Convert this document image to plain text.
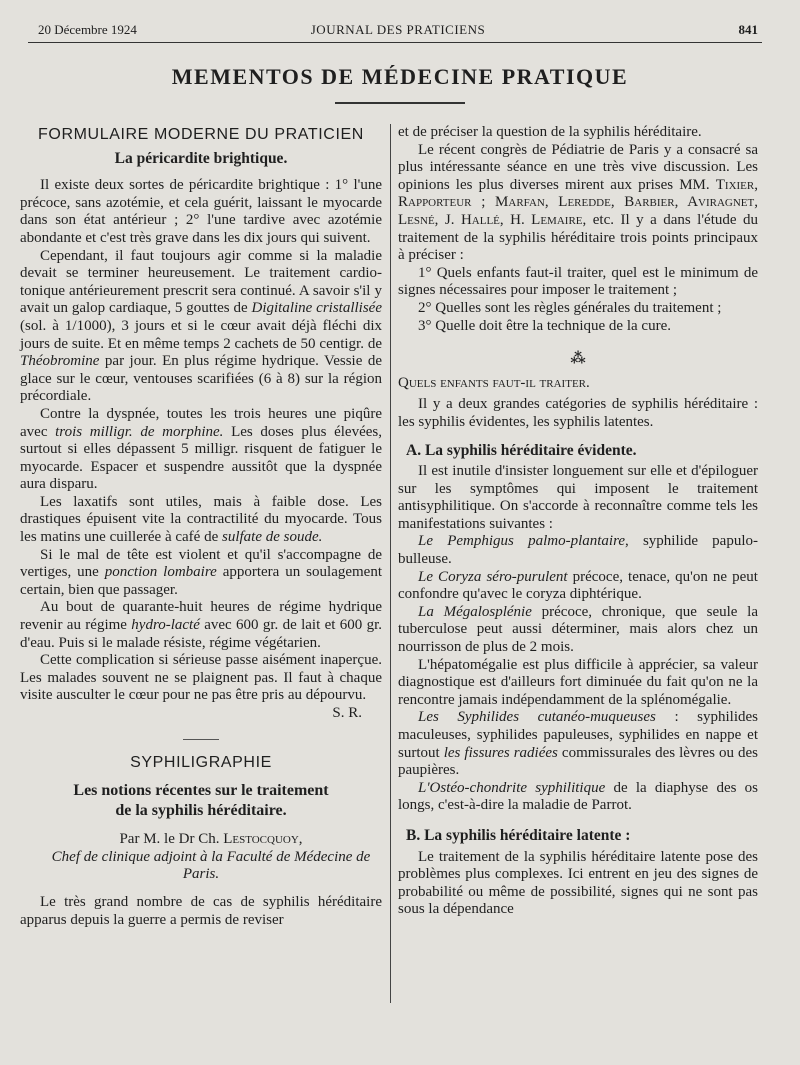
20 Décembre 1924	JOURNAL DES PRATICIENS	841
MEMENTOS DE MÉDECINE PRATIQUE
FORMULAIRE MODERNE DU PRATICIEN
La péricardite brightique.

Il existe deux sortes de péricardite brightique : 1° l'une précoce, sans azotémie, et cela guérit, laissant le myocarde dans son état antérieur ; 2° l'une tardive avec azotémie abondante et c'est très grave dans les dix jours qui suivent.

Cependant, il faut toujours agir comme si la maladie devait se terminer heureusement. Le traitement cardio-tonique antérieurement prescrit sera continué. A savoir s'il y avait un galop cardiaque, 5 gouttes de Digitaline cristallisée (sol. à 1/1000), 3 jours et si le cœur avait déjà fléchi dix jours de suite. Et en même temps 2 cachets de 50 centigr. de Théobromine par jour. En plus régime hydrique. Vessie de glace sur le cœur, ventouses scarifiées (6 à 8) sur la région précordiale.

Contre la dyspnée, toutes les trois heures une piqûre avec trois milligr. de morphine. Les doses plus élevées, surtout si elles dépassent 5 milligr. risquent de fatiguer le myocarde. Espacer et suspendre aussitôt que la dyspnée aura disparu.

Les laxatifs sont utiles, mais à faible dose. Les drastiques épuisent vite la contractilité du myocarde. Tous les matins une cuillerée à café de sulfate de soude.

Si le mal de tête est violent et qu'il s'accompagne de vertiges, une ponction lombaire apportera un soulagement certain, bien que passager.

Au bout de quarante-huit heures de régime hydrique revenir au régime hydro-lacté avec 600 gr. de lait et 600 gr. d'eau. Puis si le malade résiste, régime végétarien.

Cette complication si sérieuse passe aisément inaperçue. Les malades souvent ne se plaignent pas. Il faut à chaque visite ausculter le cœur pour ne pas être pris au dépourvu.

S. R.

SYPHILIGRAPHIE
Les notions récentes sur le traitement
de la syphilis héréditaire.

Par M. le Dr Ch. Lestocquoy,

Chef de clinique adjoint à la Faculté de Médecine de Paris.

Le très grand nombre de cas de syphilis héréditaire apparus depuis la guerre a permis de reviser

et de préciser la question de la syphilis héréditaire.

Le récent congrès de Pédiatrie de Paris y a consacré sa plus intéressante séance en une très vive discussion. Les opinions les plus diverses mirent aux prises MM. Tixier, Rapporteur ; Marfan, Leredde, Barbier, Aviragnet, Lesné, J. Hallé, H. Lemaire, etc. Il y a dans l'étude du traitement de la syphilis héréditaire trois points principaux à préciser :

1° Quels enfants faut-il traiter, quel est le minimum de signes nécessaires pour imposer le traitement ;

2° Quelles sont les règles générales du traitement ;

3° Quelle doit être la technique de la cure.

⁂

Quels enfants faut-il traiter.

Il y a deux grandes catégories de syphilis héréditaire : les syphilis évidentes, les syphilis latentes.

A. La syphilis héréditaire évidente.

Il est inutile d'insister longuement sur elle et d'épiloguer sur les symptômes qui imposent le traitement antisyphilitique. On s'accorde à reconnaître comme tels les manifestations suivantes :

Le Pemphigus palmo-plantaire, syphilide papulo-bulleuse.

Le Coryza séro-purulent précoce, tenace, qu'on ne peut confondre qu'avec le coryza diphtérique.

La Mégalosplénie précoce, chronique, que seule la tuberculose peut aussi déterminer, mais alors chez un nourrisson de plus de 2 mois.

L'hépatomégalie est plus difficile à apprécier, sa valeur diagnostique est d'ailleurs fort diminuée du fait qu'on ne la rencontre jamais indépendamment de la splénomégalie.

Les Syphilides cutanéo-muqueuses : syphilides maculeuses, syphilides papuleuses, syphilides en nappe et surtout les fissures radiées commissurales des lèvres ou des paupières.

L'Ostéo-chondrite syphilitique de la diaphyse des os longs, c'est-à-dire la maladie de Parrot.

B. La syphilis héréditaire latente :

Le traitement de la syphilis héréditaire latente pose des problèmes plus complexes. Ici entrent en jeu des signes de probabilité ou même de possibilité, signes qui ne sont pas sous la dépendance
